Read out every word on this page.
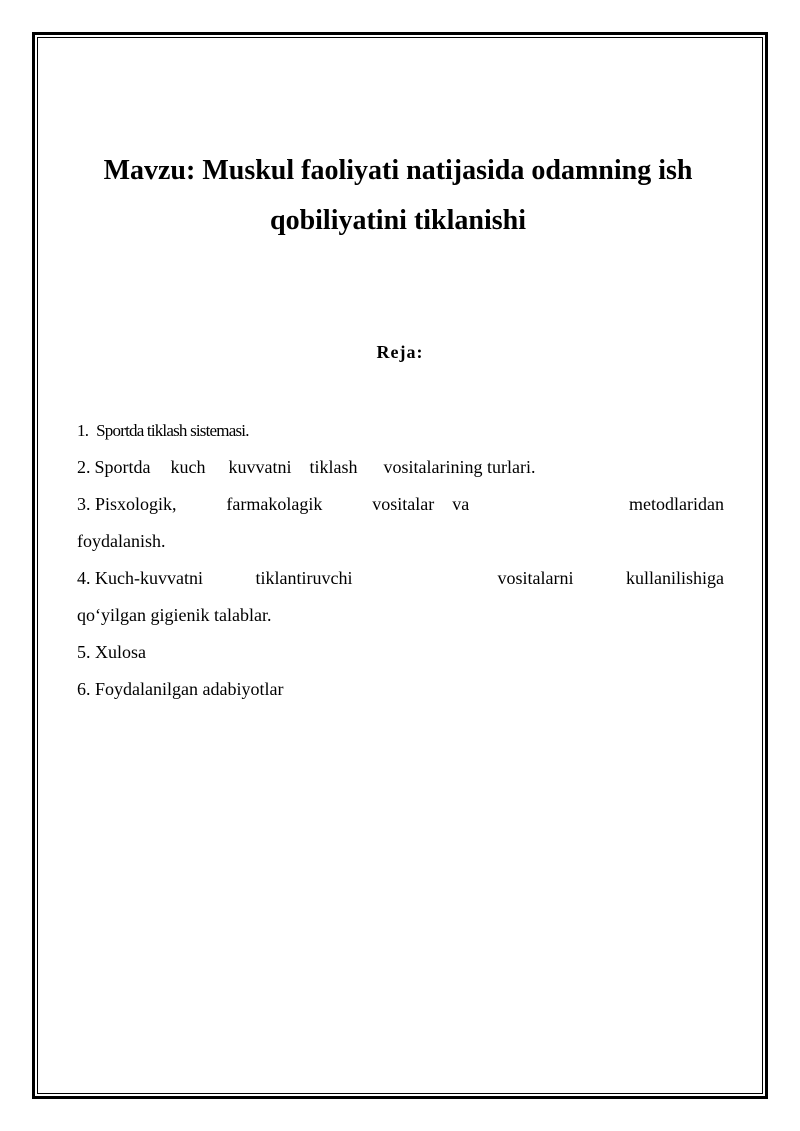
Mavzu: Muskul faoliyati natijasida odamning ish qobiliyatini tiklanishi
Reja:

1. Sportda tiklash sistemasi.

2. Sportda kuch kuvvatni tiklash vositalarining turlari.
3. Pisxologik,	farmakolagik	vositalar va	metodlaridan

foydalanish.

4. Kuch-kuvvatni	tiklantiruvchi	vositalarni	kullanilishiga

qo‘yilgan gigienik talablar.

5. Xulosa

6. Foydalanilgan adabiyotlar
